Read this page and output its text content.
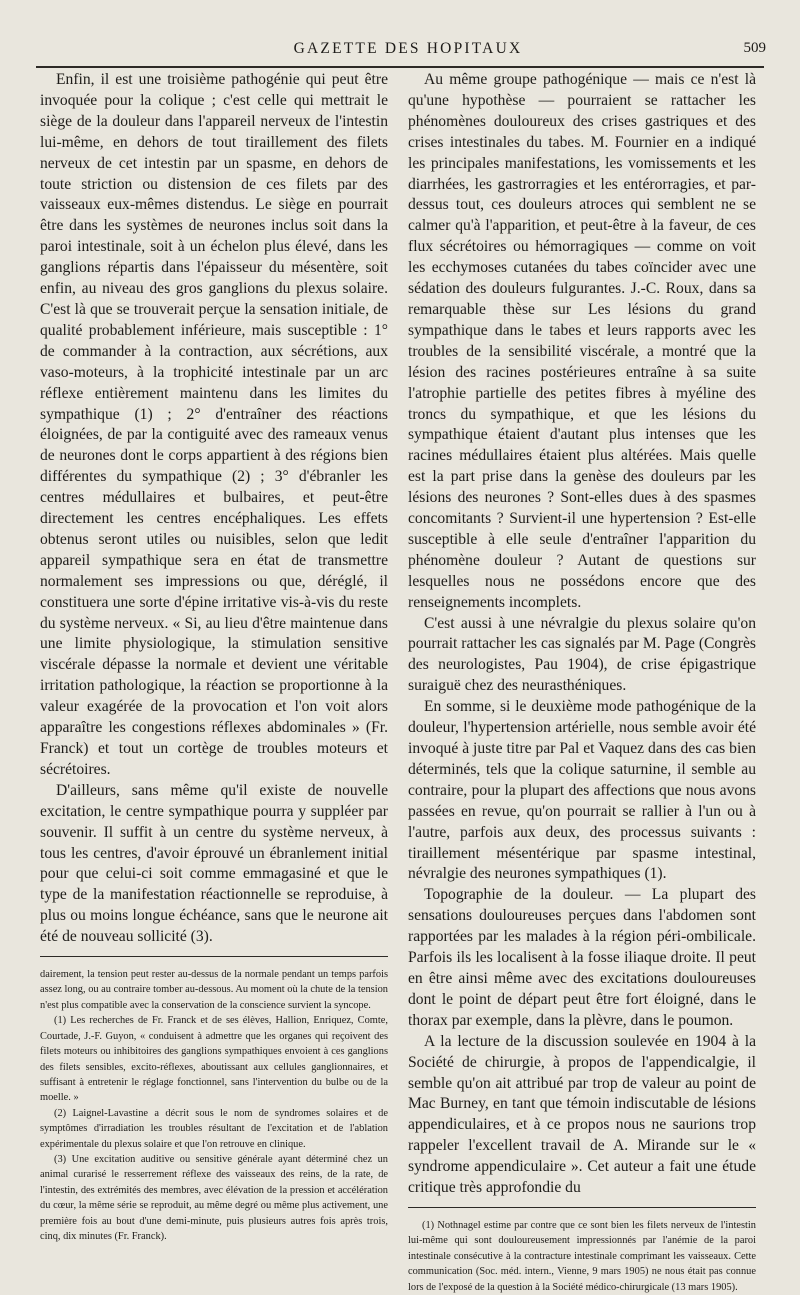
GAZETTE DES HOPITAUX	509

Enfin, il est une troisième pathogénie qui peut être invoquée pour la colique ; c'est celle qui mettrait le siège de la douleur dans l'appareil nerveux de l'intestin lui-même, en dehors de tout tiraillement des filets nerveux de cet intestin par un spasme, en dehors de toute striction ou distension de ces filets par des vaisseaux eux-mêmes distendus. Le siège en pourrait être dans les systèmes de neurones inclus soit dans la paroi intestinale, soit à un échelon plus élevé, dans les ganglions répartis dans l'épaisseur du mésentère, soit enfin, au niveau des gros ganglions du plexus solaire. C'est là que se trouverait perçue la sensation initiale, de qualité probablement inférieure, mais susceptible : 1° de commander à la contraction, aux sécrétions, aux vaso-moteurs, à la trophicité intestinale par un arc réflexe entièrement maintenu dans les limites du sympathique (1) ; 2° d'entraîner des réactions éloignées, de par la contiguité avec des rameaux venus de neurones dont le corps appartient à des régions bien différentes du sympathique (2) ; 3° d'ébranler les centres médullaires et bulbaires, et peut-être directement les centres encéphaliques. Les effets obtenus seront utiles ou nuisibles, selon que ledit appareil sympathique sera en état de transmettre normalement ses impressions ou que, déréglé, il constituera une sorte d'épine irritative vis-à-vis du reste du système nerveux. « Si, au lieu d'être maintenue dans une limite physiologique, la stimulation sensitive viscérale dépasse la normale et devient une véritable irritation pathologique, la réaction se proportionne à la valeur exagérée de la provocation et l'on voit alors apparaître les congestions réflexes abdominales » (Fr. Franck) et tout un cortège de troubles moteurs et sécrétoires.

D'ailleurs, sans même qu'il existe de nouvelle excitation, le centre sympathique pourra y suppléer par souvenir. Il suffit à un centre du système nerveux, à tous les centres, d'avoir éprouvé un ébranlement initial pour que celui-ci soit comme emmagasiné et que le type de la manifestation réactionnelle se reproduise, à plus ou moins longue échéance, sans que le neurone ait été de nouveau sollicité (3).

dairement, la tension peut rester au-dessus de la normale pendant un temps parfois assez long, ou au contraire tomber au-dessous. Au moment où la chute de la tension n'est plus compatible avec la conservation de la conscience survient la syncope.

(1) Les recherches de Fr. Franck et de ses élèves, Hallion, Enriquez, Comte, Courtade, J.-F. Guyon, « conduisent à admettre que les organes qui reçoivent des filets moteurs ou inhibitoires des ganglions sympathiques envoient à ces ganglions des filets sensibles, excito-réflexes, aboutissant aux cellules ganglionnaires, et suffisant à entretenir le réglage fonctionnel, sans l'intervention du bulbe ou de la moelle. »

(2) Laignel-Lavastine a décrit sous le nom de syndromes solaires et de symptômes d'irradiation les troubles résultant de l'excitation et de l'ablation expérimentale du plexus solaire et que l'on retrouve en clinique.

(3) Une excitation auditive ou sensitive générale ayant déterminé chez un animal curarisé le resserrement réflexe des vaisseaux des reins, de la rate, de l'intestin, des extrémités des membres, avec élévation de la pression et accélération du cœur, la même série se reproduit, au même degré ou même plus activement, une première fois au bout d'une demi-minute, puis plusieurs autres fois après trois, cinq, dix minutes (Fr. Franck).

Au même groupe pathogénique — mais ce n'est là qu'une hypothèse — pourraient se rattacher les phénomènes douloureux des crises gastriques et des crises intestinales du tabes. M. Fournier en a indiqué les principales manifestations, les vomissements et les diarrhées, les gastrorragies et les entérorragies, et par-dessus tout, ces douleurs atroces qui semblent ne se calmer qu'à l'apparition, et peut-être à la faveur, de ces flux sécrétoires ou hémorragiques — comme on voit les ecchymoses cutanées du tabes coïncider avec une sédation des douleurs fulgurantes. J.-C. Roux, dans sa remarquable thèse sur Les lésions du grand sympathique dans le tabes et leurs rapports avec les troubles de la sensibilité viscérale, a montré que la lésion des racines postérieures entraîne à sa suite l'atrophie partielle des petites fibres à myéline des troncs du sympathique, et que les lésions du sympathique étaient d'autant plus intenses que les racines médullaires étaient plus altérées. Mais quelle est la part prise dans la genèse des douleurs par les lésions des neurones ? Sont-elles dues à des spasmes concomitants ? Survient-il une hypertension ? Est-elle susceptible à elle seule d'entraîner l'apparition du phénomène douleur ? Autant de questions sur lesquelles nous ne possédons encore que des renseignements incomplets.

C'est aussi à une névralgie du plexus solaire qu'on pourrait rattacher les cas signalés par M. Page (Congrès des neurologistes, Pau 1904), de crise épigastrique suraiguë chez des neurasthéniques.

En somme, si le deuxième mode pathogénique de la douleur, l'hypertension artérielle, nous semble avoir été invoqué à juste titre par Pal et Vaquez dans des cas bien déterminés, tels que la colique saturnine, il semble au contraire, pour la plupart des affections que nous avons passées en revue, qu'on pourrait se rallier à l'un ou à l'autre, parfois aux deux, des processus suivants : tiraillement mésentérique par spasme intestinal, névralgie des neurones sympathiques (1).

Topographie de la douleur. — La plupart des sensations douloureuses perçues dans l'abdomen sont rapportées par les malades à la région péri-ombilicale. Parfois ils les localisent à la fosse iliaque droite. Il peut en être ainsi même avec des excitations douloureuses dont le point de départ peut être fort éloigné, dans le thorax par exemple, dans la plèvre, dans le poumon.

A la lecture de la discussion soulevée en 1904 à la Société de chirurgie, à propos de l'appendicalgie, il semble qu'on ait attribué par trop de valeur au point de Mac Burney, en tant que témoin indiscutable de lésions appendiculaires, et à ce propos nous ne saurions trop rappeler l'excellent travail de A. Mirande sur le « syndrome appendiculaire ». Cet auteur a fait une étude critique très approfondie du

(1) Nothnagel estime par contre que ce sont bien les filets nerveux de l'intestin lui-même qui sont douloureusement impressionnés par l'anémie de la paroi intestinale consécutive à la contracture intestinale comprimant les vaisseaux. Cette communication (Soc. méd. intern., Vienne, 9 mars 1905) ne nous était pas connue lors de l'exposé de la question à la Société médico-chirurgicale (13 mars 1905).
